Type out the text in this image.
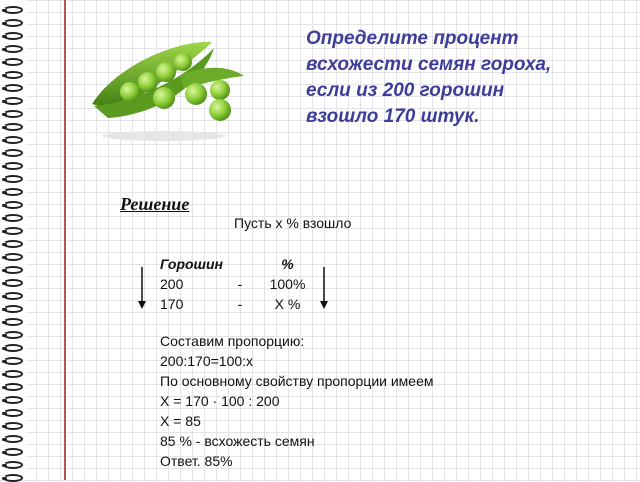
Определите процент
всхожести семян гороха,
если из 200 горошин
взошло 170 штук.
Решение
Пусть х % взошло
Горошин	%
200	- 100%
170	- Х %
Составим пропорцию:
200:170=100:х
По основному свойству пропорции имеем
Х = 170 · 100 : 200
Х = 85
85 % - всхожесть семян
Ответ. 85%
